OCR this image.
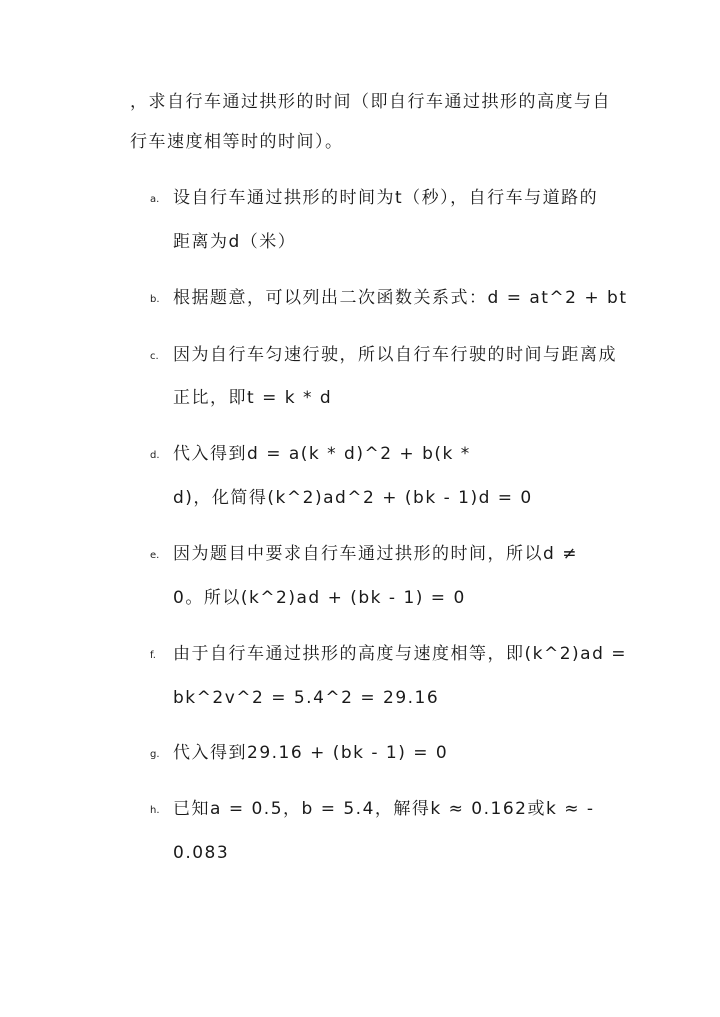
，求自行车通过拱形的时间（即自行车通过拱形的高度与自
行车速度相等时的时间）。
a. 设自行车通过拱形的时间为t（秒），自行车与道路的
距离为d（米）
b. 根据题意，可以列出二次函数关系式：d = at^2 + bt
c. 因为自行车匀速行驶，所以自行车行驶的时间与距离成
正比，即t = k * d
d. 代入得到d = a(k * d)^2 + b(k *
d)，化简得(k^2)ad^2 + (bk - 1)d = 0
e. 因为题目中要求自行车通过拱形的时间，所以d ≠
0。所以(k^2)ad + (bk - 1) = 0
f. 由于自行车通过拱形的高度与速度相等，即(k^2)ad =
bk^2v^2 = 5.4^2 = 29.16
g. 代入得到29.16 + (bk - 1) = 0
h. 已知a = 0.5，b = 5.4，解得k ≈ 0.162或k ≈ -
0.083
